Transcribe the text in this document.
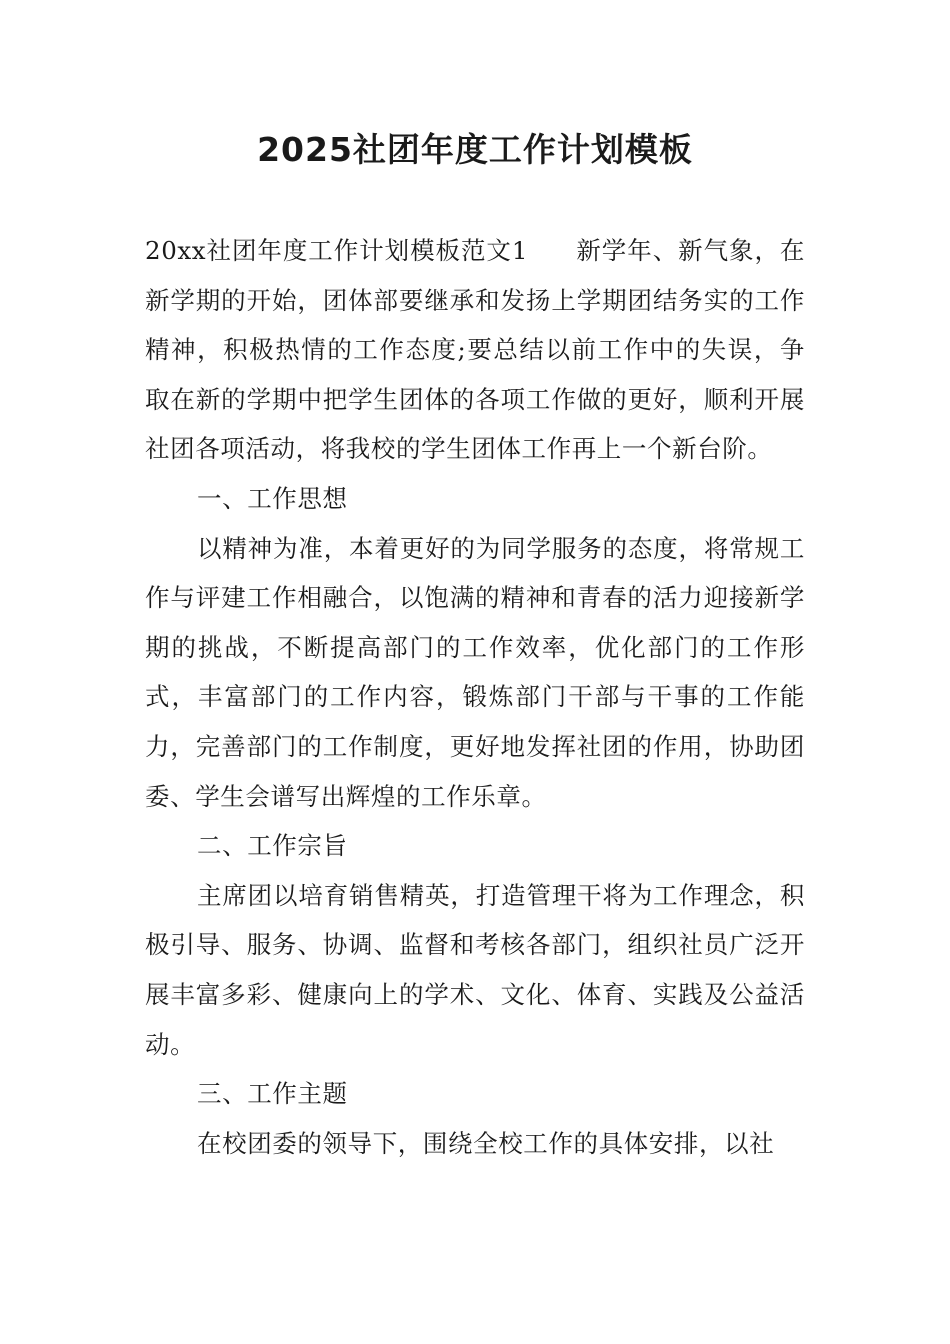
2025社团年度工作计划模板

20xx社团年度工作计划模板范文1 新学年、新气象，在新学期的开始，团体部要继承和发扬上学期团结务实的工作精神，积极热情的工作态度;要总结以前工作中的失误，争取在新的学期中把学生团体的各项工作做的更好，顺利开展社团各项活动，将我校的学生团体工作再上一个新台阶。

一、工作思想

以精神为准，本着更好的为同学服务的态度，将常规工作与评建工作相融合，以饱满的精神和青春的活力迎接新学期的挑战，不断提高部门的工作效率，优化部门的工作形式，丰富部门的工作内容，锻炼部门干部与干事的工作能力，完善部门的工作制度，更好地发挥社团的作用，协助团委、学生会谱写出辉煌的工作乐章。

二、工作宗旨

主席团以培育销售精英，打造管理干将为工作理念，积极引导、服务、协调、监督和考核各部门，组织社员广泛开展丰富多彩、健康向上的学术、文化、体育、实践及公益活动。

三、工作主题

在校团委的领导下，围绕全校工作的具体安排，以社
